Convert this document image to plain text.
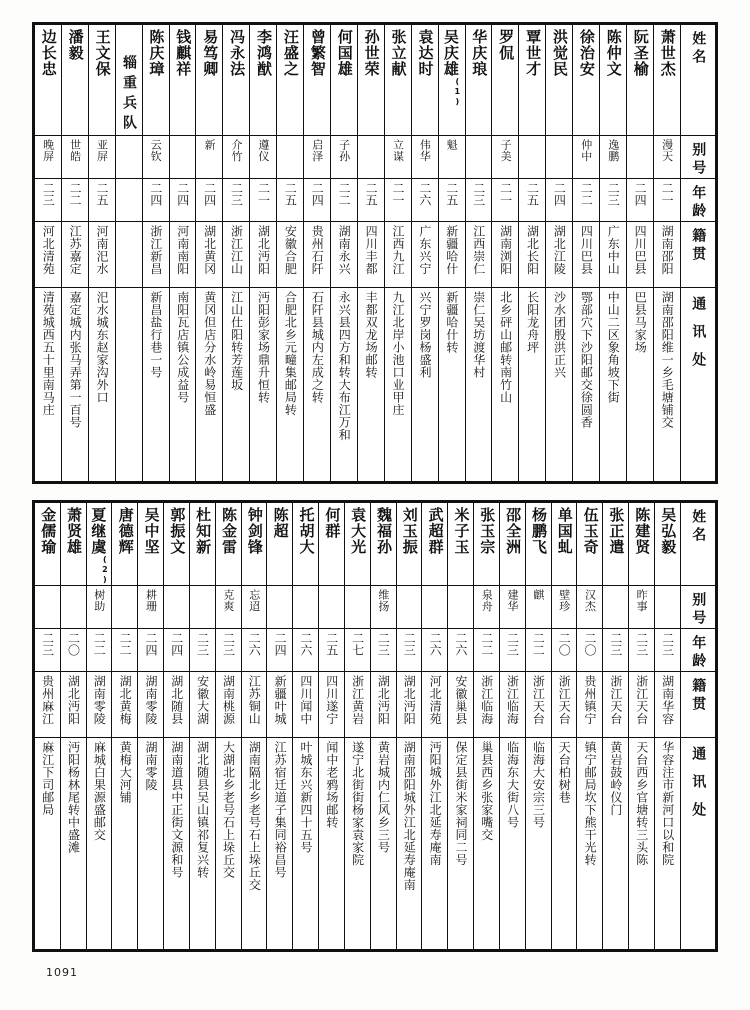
边长忠	潘毅	王文保	辎重兵队	陈庆璋	钱麒祥	易笃卿	冯永法	李鸿猷	汪盛之	曾繁智	何国雄	孙世荣	张立献	袁达时	吴庆雄$^{(1)}$	华庆琅	罗侃	覃世才	洪觉民	徐治安	陈仲文	阮圣榆	萧世杰	姓名

晚屏	世皓	亚屏		云钦		新	介竹	遵仪		启泽	子孙		立谋	伟华	魁		子美			仲中	逸鹏		漫天	别号

二三	二二	二五		二四	二四	二四	二三	二一	二五	二四	二二	二五	二一	二六	二五	二三	二一	二五	二四	二二	二三	二四	二一	年龄

河北清苑	江苏嘉定	河南汜水		浙江新昌	河南南阳	湖北黄冈	浙江江山	湖北沔阳	安徽合肥	贵州石阡	湖南永兴	四川丰都	江西九江	广东兴宁	新疆哈什	江西崇仁	湖南浏阳	湖北长阳	湖北江陵	四川巴县	广东中山	四川巴县	湖南邵阳	籍贯

清苑城西五十里南马庄	嘉定城内张马弄第一百号	汜水城东赵家沟外口		新昌盐行巷一号	南阳瓦店镇公成益号	黄冈但店分水岭易恒盛	江山仕阳转芳莲坂	沔阳彭家场鼎升恒转	合肥北乡元疃集邮局转	石阡县城内左成之转	永兴县四方和转大布江万和	丰都双龙场邮转	九江北岸小池口业甲庄	兴宁罗岗杨盛利	新疆哈什转	崇仁吴坊渡华村	北乡砰山邮转南竹山	长阳龙舟坪	沙水团殷洪正兴	鄂部穴下沙阳邮交徐圆香	中山二区象角坡下街	巴县马家场	湖南邵阳维一乡毛塘铺交	通讯处
金儒瑜	萧贤雄	夏继虞$^{(2)}$	唐德辉	吴中坚	郭振文	杜知新	陈金雷	钟剑锋	陈超	托胡大	何群	袁大光	魏福孙	刘玉振	武超群	米子玉	张玉宗	邵全洲	杨鹏飞	单国虬	伍玉奇	张正遣	陈建贤	吴弘毅	姓名

		树助		耕珊			克爽	忘迢					维扬				泉舟	建华	麒	壁珍	汉杰		昨事		别号

二三	二〇	二二	二二	二四	二四	二三	二三	二六	二四	二六	二五	二七	二三	二三	二六	二六	二二	二三	二二	二〇	二〇	二三	二三	二三	年龄

贵州麻江	湖北沔阳	湖南零陵	湖北黄梅	湖南零陵	湖北随县	安徽大湖	湖南桃源	江苏铜山	新疆叶城	四川闻中	四川遂宁	浙江黄岩	湖北沔阳	湖北沔阳	河北清苑	安徽巢县	浙江临海	浙江临海	浙江天台	浙江天台	贵州镇宁	浙江天台	浙江天台	湖南华容	籍贯

麻江下司邮局	沔阳杨林尾转中盛滩	麻城白果源盛邮交	黄梅大河铺	湖南零陵	湖南道县中正街文源和号	湖北随县吴山镇祁复兴转	大湖北乡老号石上垛丘交	湖南隔北乡老号石上垛丘交	江苏宿迁道子集同裕昌号	叶城东兴新四十五号	闻中老鸦场邮转	遂宁北街街杨家袁家院	黄岩城内仁风乡三号	湖南邵阳城外江北延寿庵南	沔阳城外江北延寿庵南	保定县街米家祠同二号	巢县西乡张家嘴交	临海东大街八号	临海大安宗三号	天台柏树巷	镇宁邮局坎下熊干光转	黄岩鼓岭仪门	天台西乡官塘转三头陈	华容注市新河口以和院	通讯处
1091
